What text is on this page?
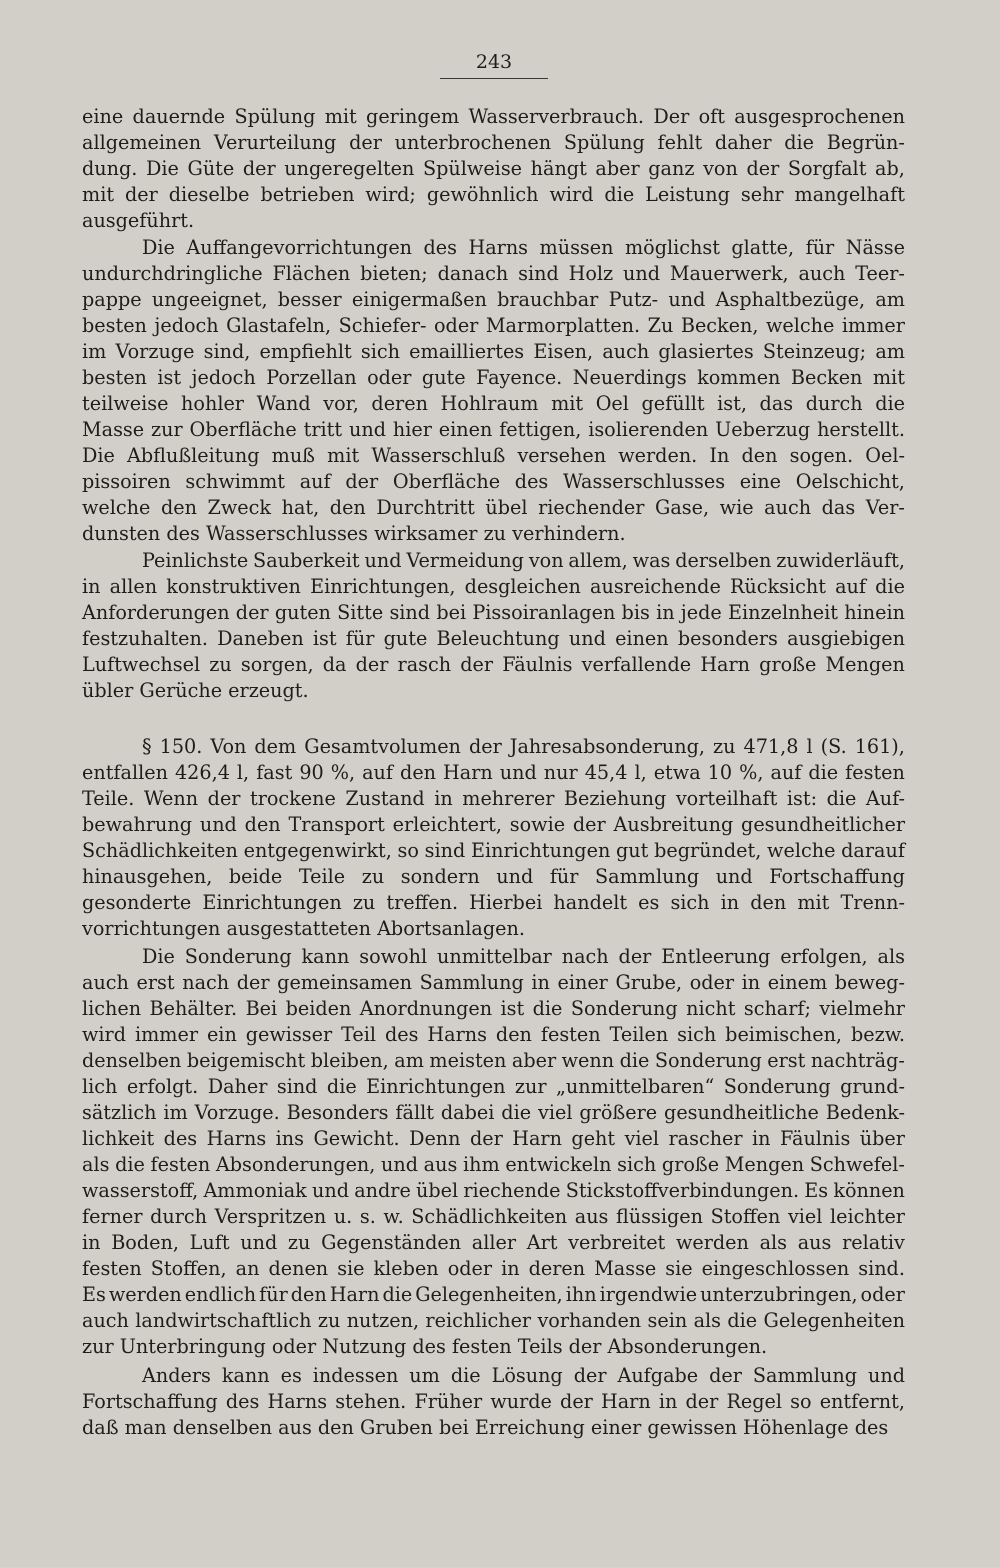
243
eine dauernde Spülung mit geringem Wasserverbrauch. Der oft ausgesprochenen
allgemeinen Verurteilung der unterbrochenen Spülung fehlt daher die Begrün-
dung. Die Güte der ungeregelten Spülweise hängt aber ganz von der Sorgfalt ab,
mit der dieselbe betrieben wird; gewöhnlich wird die Leistung sehr mangelhaft
ausgeführt.
Die Auffangevorrichtungen des Harns müssen möglichst glatte, für Nässe
undurchdringliche Flächen bieten; danach sind Holz und Mauerwerk, auch Teer-
pappe ungeeignet, besser einigermaßen brauchbar Putz- und Asphaltbezüge, am
besten jedoch Glastafeln, Schiefer- oder Marmorplatten. Zu Becken, welche immer
im Vorzuge sind, empfiehlt sich emailliertes Eisen, auch glasiertes Steinzeug; am
besten ist jedoch Porzellan oder gute Fayence. Neuerdings kommen Becken mit
teilweise hohler Wand vor, deren Hohlraum mit Oel gefüllt ist, das durch die
Masse zur Oberfläche tritt und hier einen fettigen, isolierenden Ueberzug herstellt.
Die Abflußleitung muß mit Wasserschluß versehen werden. In den sogen. Oel-
pissoiren schwimmt auf der Oberfläche des Wasserschlusses eine Oelschicht,
welche den Zweck hat, den Durchtritt übel riechender Gase, wie auch das Ver-
dunsten des Wasserschlusses wirksamer zu verhindern.
Peinlichste Sauberkeit und Vermeidung von allem, was derselben zuwiderläuft,
in allen konstruktiven Einrichtungen, desgleichen ausreichende Rücksicht auf die
Anforderungen der guten Sitte sind bei Pissoiranlagen bis in jede Einzelnheit hinein
festzuhalten. Daneben ist für gute Beleuchtung und einen besonders ausgiebigen
Luftwechsel zu sorgen, da der rasch der Fäulnis verfallende Harn große Mengen
übler Gerüche erzeugt.
§ 150. Von dem Gesamtvolumen der Jahresabsonderung, zu 471,8 l (S. 161),
entfallen 426,4 l, fast 90 %, auf den Harn und nur 45,4 l, etwa 10 %, auf die festen
Teile. Wenn der trockene Zustand in mehrerer Beziehung vorteilhaft ist: die Auf-
bewahrung und den Transport erleichtert, sowie der Ausbreitung gesundheitlicher
Schädlichkeiten entgegenwirkt, so sind Einrichtungen gut begründet, welche darauf
hinausgehen, beide Teile zu sondern und für Sammlung und Fortschaffung
gesonderte Einrichtungen zu treffen. Hierbei handelt es sich in den mit Trenn-
vorrichtungen ausgestatteten Abortsanlagen.
Die Sonderung kann sowohl unmittelbar nach der Entleerung erfolgen, als
auch erst nach der gemeinsamen Sammlung in einer Grube, oder in einem beweg-
lichen Behälter. Bei beiden Anordnungen ist die Sonderung nicht scharf; vielmehr
wird immer ein gewisser Teil des Harns den festen Teilen sich beimischen, bezw.
denselben beigemischt bleiben, am meisten aber wenn die Sonderung erst nachträg-
lich erfolgt. Daher sind die Einrichtungen zur „unmittelbaren“ Sonderung grund-
sätzlich im Vorzuge. Besonders fällt dabei die viel größere gesundheitliche Bedenk-
lichkeit des Harns ins Gewicht. Denn der Harn geht viel rascher in Fäulnis über
als die festen Absonderungen, und aus ihm entwickeln sich große Mengen Schwefel-
wasserstoff, Ammoniak und andre übel riechende Stickstoffverbindungen. Es können
ferner durch Verspritzen u. s. w. Schädlichkeiten aus flüssigen Stoffen viel leichter
in Boden, Luft und zu Gegenständen aller Art verbreitet werden als aus relativ
festen Stoffen, an denen sie kleben oder in deren Masse sie eingeschlossen sind.
Es werden endlich für den Harn die Gelegenheiten, ihn irgendwie unterzubringen, oder
auch landwirtschaftlich zu nutzen, reichlicher vorhanden sein als die Gelegenheiten
zur Unterbringung oder Nutzung des festen Teils der Absonderungen.
Anders kann es indessen um die Lösung der Aufgabe der Sammlung und
Fortschaffung des Harns stehen. Früher wurde der Harn in der Regel so entfernt,
daß man denselben aus den Gruben bei Erreichung einer gewissen Höhenlage des
